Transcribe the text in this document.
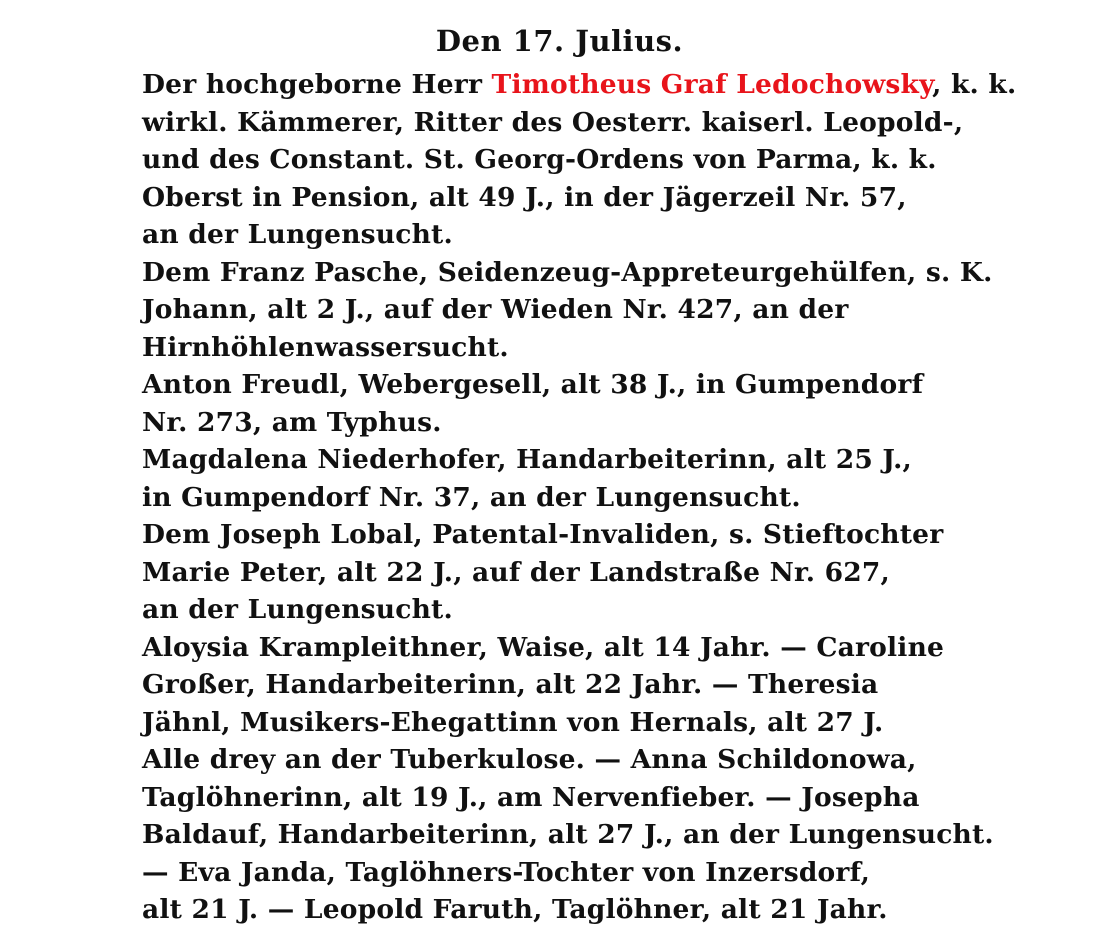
Den 17. Julius.
Der hochgeborne Herr Timotheus Graf Ledochowsky, k. k.
wirkl. Kämmerer, Ritter des Oesterr. kaiserl. Leopold-,
und des Constant. St. Georg-Ordens von Parma, k. k.
Oberst in Pension, alt 49 J., in der Jägerzeil Nr. 57,
an der Lungensucht.
Dem Franz Pasche, Seidenzeug-Appreteurgehülfen, s. K.
Johann, alt 2 J., auf der Wieden Nr. 427, an der
Hirnhöhlenwassersucht.
Anton Freudl, Webergesell, alt 38 J., in Gumpendorf
Nr. 273, am Typhus.
Magdalena Niederhofer, Handarbeiterinn, alt 25 J.,
in Gumpendorf Nr. 37, an der Lungensucht.
Dem Joseph Lobal, Patental-Invaliden, s. Stieftochter
Marie Peter, alt 22 J., auf der Landstraße Nr. 627,
an der Lungensucht.
Aloysia Krampleithner, Waise, alt 14 Jahr. — Caroline
Großer, Handarbeiterinn, alt 22 Jahr. — Theresia
Jähnl, Musikers-Ehegattinn von Hernals, alt 27 J.
Alle drey an der Tuberkulose. — Anna Schildonowa,
Taglöhnerinn, alt 19 J., am Nervenfieber. — Josepha
Baldauf, Handarbeiterinn, alt 27 J., an der Lungensucht.
— Eva Janda, Taglöhners-Tochter von Inzersdorf,
alt 21 J. — Leopold Faruth, Taglöhner, alt 21 Jahr.
